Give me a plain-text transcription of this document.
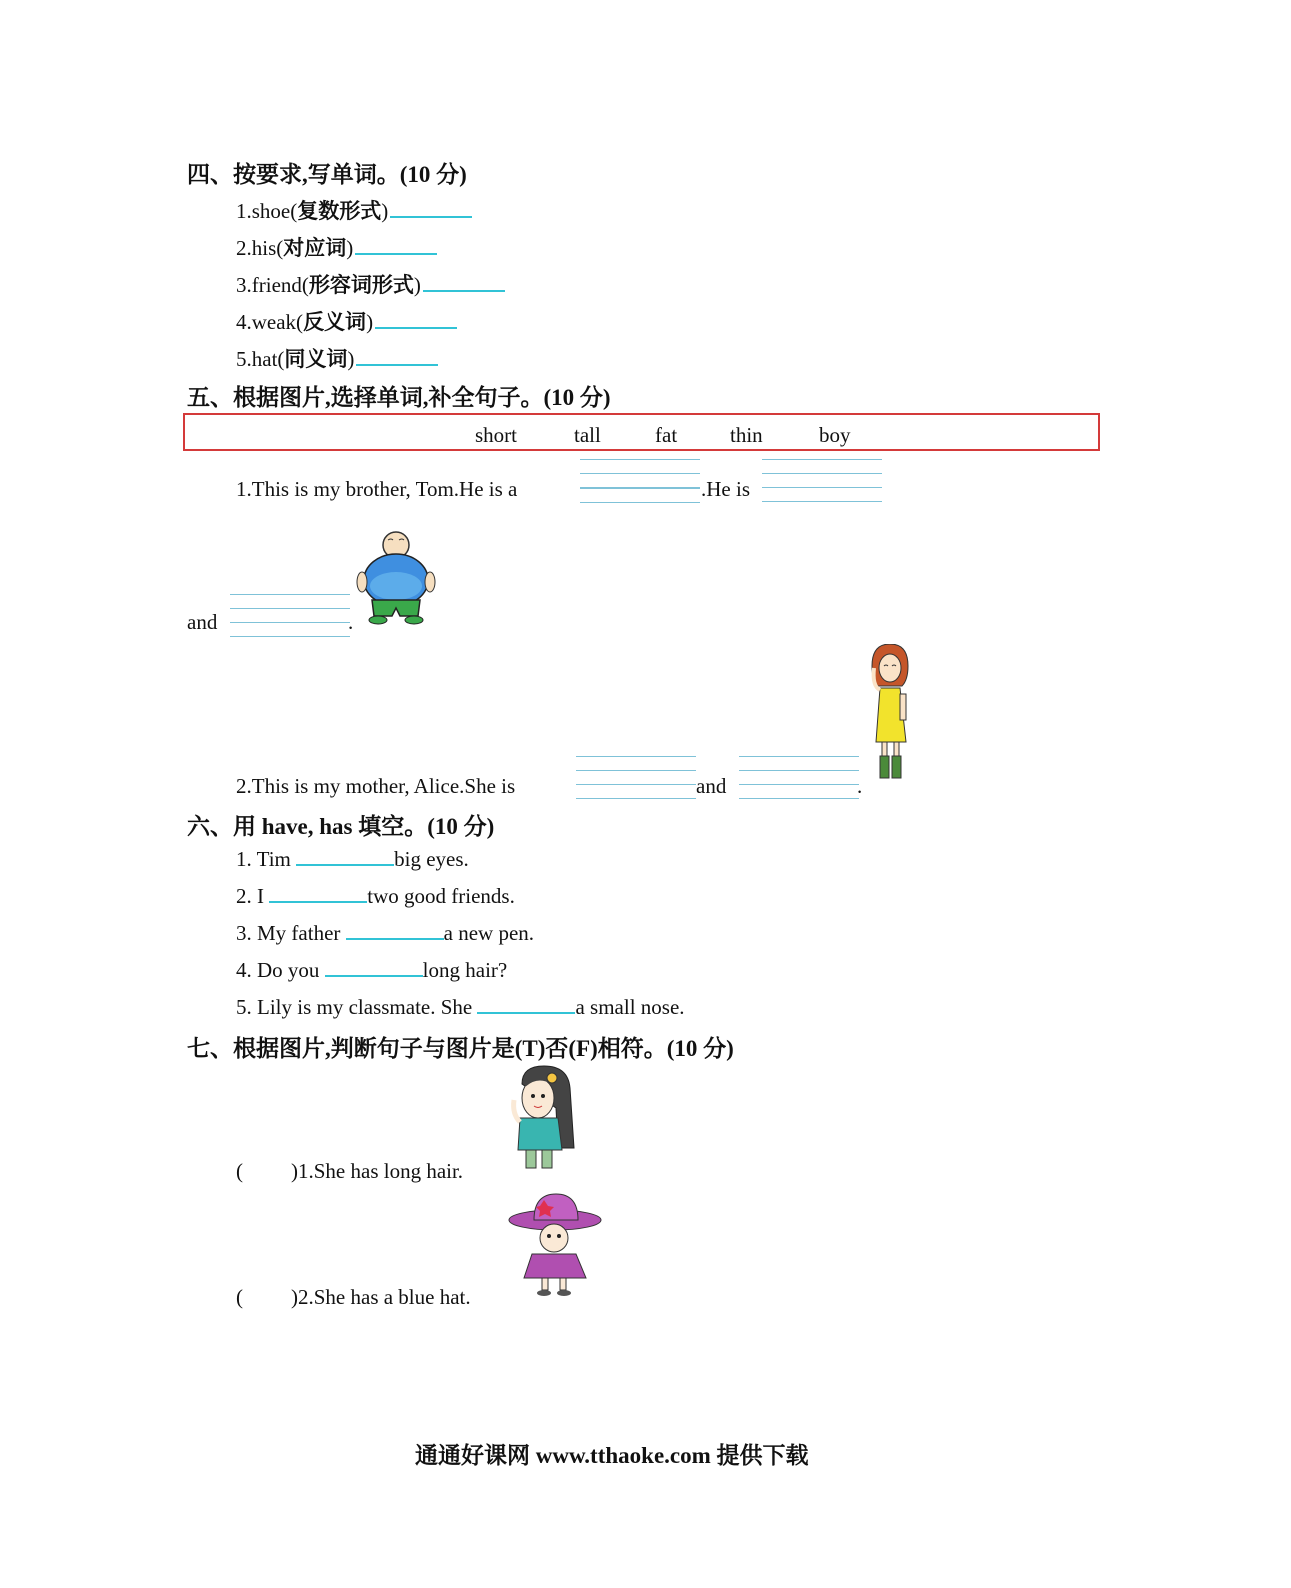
四、按要求,写单词。(10 分)
1.shoe(复数形式)
2.his(对应词)
3.friend(形容词形式)
4.weak(反义词)
5.hat(同义词)
五、根据图片,选择单词,补全句子。(10 分)
short	tall	fat	thin	boy
1.This is my brother, Tom.He is a	.He is
and	.
2.This is my mother, Alice.She is	and	.
六、用 have, has 填空。(10 分)
1. Tim	big eyes.
2. I	two good friends.
3. My father	a new pen.
4. Do you	long hair?
5. Lily is my classmate. She	a small nose.
七、根据图片,判断句子与图片是(T)否(F)相符。(10 分)
( )1.She has long hair.
( )2.She has a blue hat.
通通好课网 www.tthaoke.com 提供下载
